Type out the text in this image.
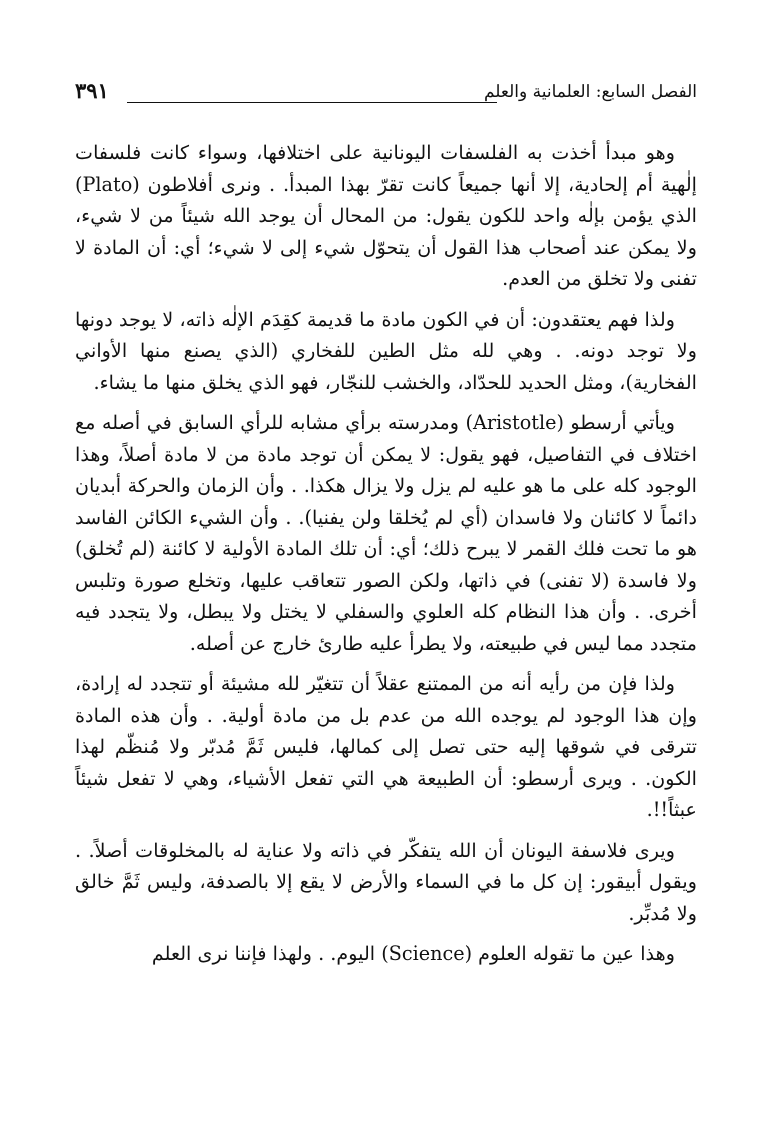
الفصل السابع: العلمانية والعلم
٣٩١

وهو مبدأ أخذت به الفلسفات اليونانية على اختلافها، وسواء كانت فلسفات إلٰهية أم إلحادية، إلا أنها جميعاً كانت تقرّ بهذا المبدأ. . ونرى أفلاطون (Plato) الذي يؤمن بإلٰه واحد للكون يقول: من المحال أن يوجد الله شيئاً من لا شيء، ولا يمكن عند أصحاب هذا القول أن يتحوّل شيء إلى لا شيء؛ أي: أن المادة لا تفنى ولا تخلق من العدم.

ولذا فهم يعتقدون: أن في الكون مادة ما قديمة كقِدَم الإلٰه ذاته، لا يوجد دونها ولا توجد دونه. . وهي لله مثل الطين للفخاري (الذي يصنع منها الأواني الفخارية)، ومثل الحديد للحدّاد، والخشب للنجّار، فهو الذي يخلق منها ما يشاء.

ويأتي أرسطو (Aristotle) ومدرسته برأي مشابه للرأي السابق في أصله مع اختلاف في التفاصيل، فهو يقول: لا يمكن أن توجد مادة من لا مادة أصلاً، وهذا الوجود كله على ما هو عليه لم يزل ولا يزال هكذا. . وأن الزمان والحركة أبديان دائماً لا كائنان ولا فاسدان (أي لم يُخلقا ولن يفنيا). . وأن الشيء الكائن الفاسد هو ما تحت فلك القمر لا يبرح ذلك؛ أي: أن تلك المادة الأولية لا كائنة (لم تُخلق) ولا فاسدة (لا تفنى) في ذاتها، ولكن الصور تتعاقب عليها، وتخلع صورة وتلبس أخرى. . وأن هذا النظام كله العلوي والسفلي لا يختل ولا يبطل، ولا يتجدد فيه متجدد مما ليس في طبيعته، ولا يطرأ عليه طارئ خارج عن أصله.

ولذا فإن من رأيه أنه من الممتنع عقلاً أن تتغيّر لله مشيئة أو تتجدد له إرادة، وإن هذا الوجود لم يوجده الله من عدم بل من مادة أولية. . وأن هذه المادة تترقى في شوقها إليه حتى تصل إلى كمالها، فليس ثَمَّ مُدبّر ولا مُنظّم لهذا الكون. . ويرى أرسطو: أن الطبيعة هي التي تفعل الأشياء، وهي لا تفعل شيئاً عبثاً!!.

ويرى فلاسفة اليونان أن الله يتفكّر في ذاته ولا عناية له بالمخلوقات أصلاً. . ويقول أبيقور: إن كل ما في السماء والأرض لا يقع إلا بالصدفة، وليس ثَمَّ خالق ولا مُدبِّر.

وهذا عين ما تقوله العلوم (Science) اليوم. . ولهذا فإننا نرى العلم
